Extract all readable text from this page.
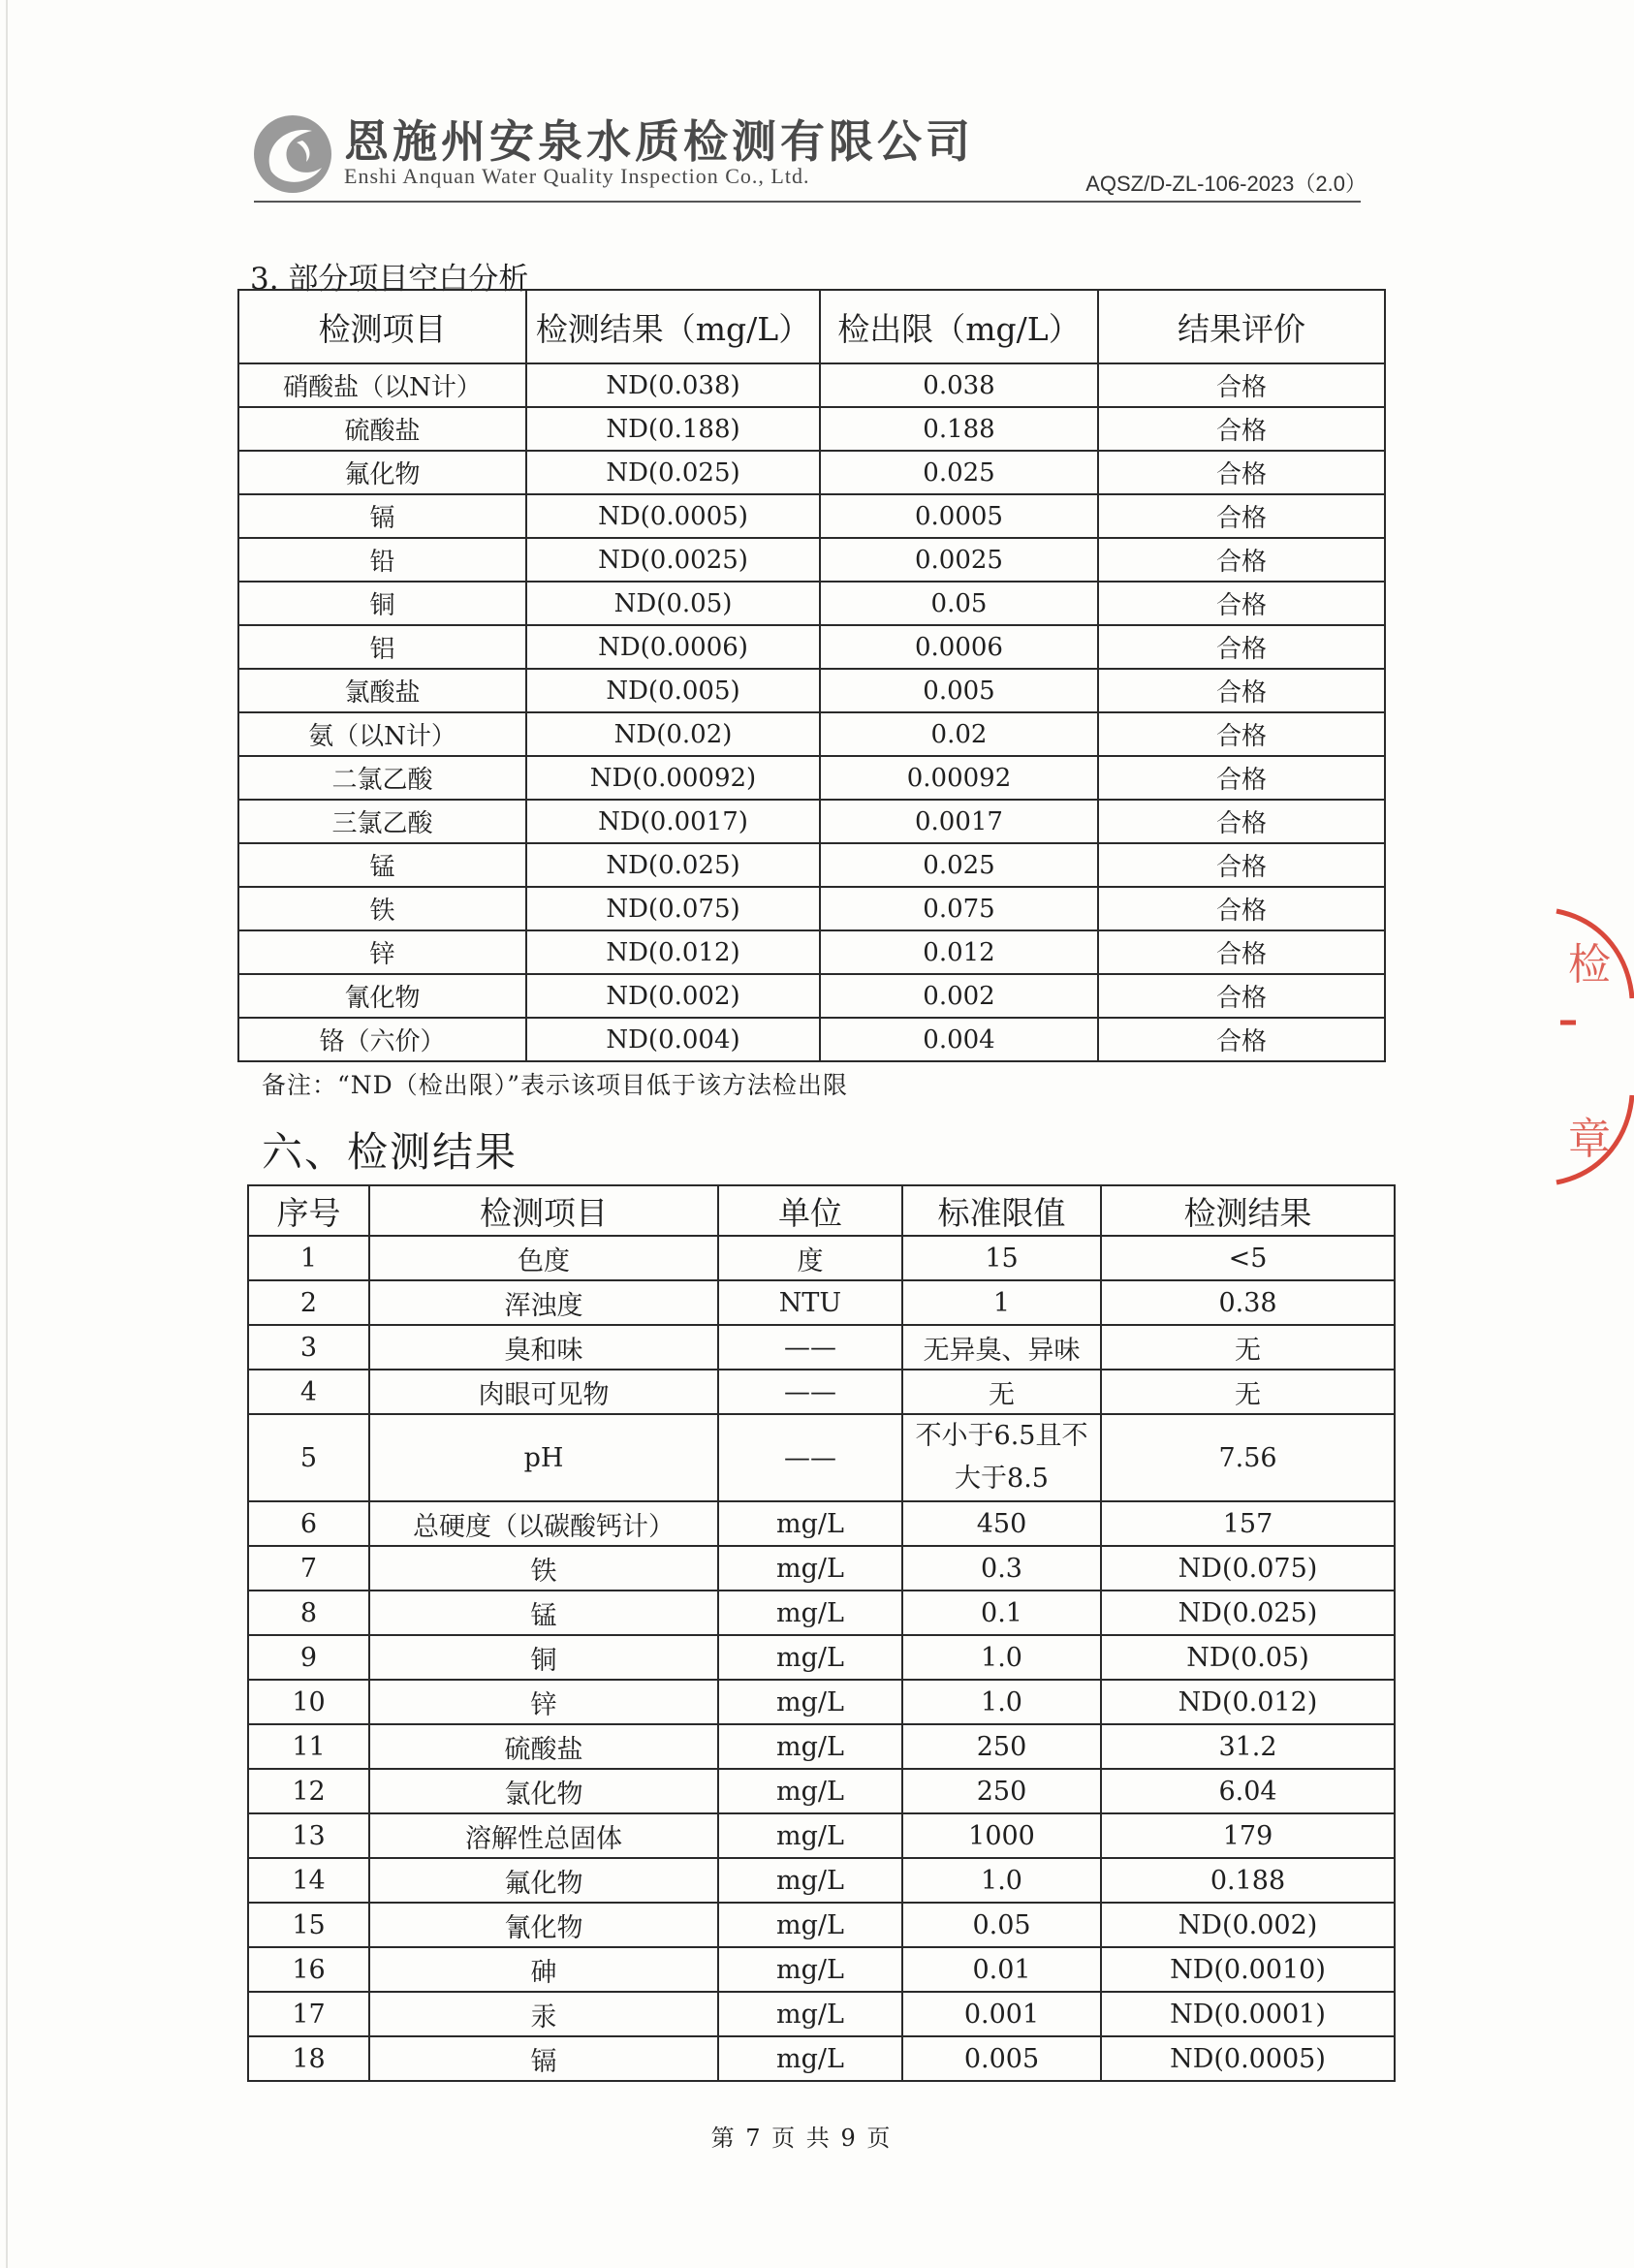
恩施州安泉水质检测有限公司
Enshi Anquan Water Quality Inspection Co., Ltd.	AQSZ/D-ZL-106-2023（2.0）
3. 部分项目空白分析
检测项目	检测结果（mg/L）	检出限（mg/L）	结果评价
硝酸盐（以N计）	ND(0.038)	0.038	合格
硫酸盐	ND(0.188)	0.188	合格
氟化物	ND(0.025)	0.025	合格
镉	ND(0.0005)	0.0005	合格
铅	ND(0.0025)	0.0025	合格
铜	ND(0.05)	0.05	合格
铝	ND(0.0006)	0.0006	合格
氯酸盐	ND(0.005)	0.005	合格
氨（以N计）	ND(0.02)	0.02	合格
二氯乙酸	ND(0.00092)	0.00092	合格
三氯乙酸	ND(0.0017)	0.0017	合格
锰	ND(0.025)	0.025	合格
铁	ND(0.075)	0.075	合格
锌	ND(0.012)	0.012	合格
氰化物	ND(0.002)	0.002	合格
铬（六价）	ND(0.004)	0.004	合格
备注：“ND（检出限）”表示该项目低于该方法检出限
六、检测结果
序号	检测项目	单位	标准限值	检测结果
1	色度	度	15	<5
2	浑浊度	NTU	1	0.38
3	臭和味	——	无异臭、异味	无
4	肉眼可见物	——	无	无
5	pH	——	不小于6.5且不大于8.5	7.56
6	总硬度（以碳酸钙计）	mg/L	450	157
7	铁	mg/L	0.3	ND(0.075)
8	锰	mg/L	0.1	ND(0.025)
9	铜	mg/L	1.0	ND(0.05)
10	锌	mg/L	1.0	ND(0.012)
11	硫酸盐	mg/L	250	31.2
12	氯化物	mg/L	250	6.04
13	溶解性总固体	mg/L	1000	179
14	氟化物	mg/L	1.0	0.188
15	氰化物	mg/L	0.05	ND(0.002)
16	砷	mg/L	0.01	ND(0.0010)
17	汞	mg/L	0.001	ND(0.0001)
18	镉	mg/L	0.005	ND(0.0005)
第 7 页 共 9 页
检
章
